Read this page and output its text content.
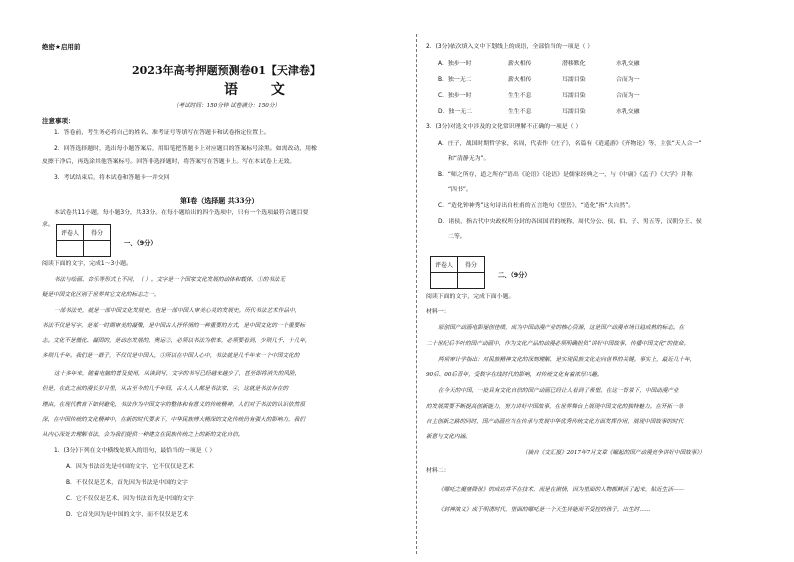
绝密★启用前
2023年高考押题预测卷01【天津卷】
语 文
（考试时间：150分钟 试卷满分：150分）
注意事项：
1．答卷前，考生务必将自己的姓名、准考证号等填写在答题卡和试卷指定位置上。
2．回答选择题时，选出每小题答案后，用铅笔把答题卡上对应题目的答案标号涂黑。如需改动，用橡
皮擦干净后，再选涂其他答案标号。回答非选择题时，将答案写在答题卡上。写在本试卷上无效。
3．考试结束后，将本试卷和答题卡一并交回
第Ⅰ卷（选择题 共33分）
本试卷共11小题，每小题3分，共33分。在每小题给出的四个选项中，只有一个选项最符合题目要
求。
评卷人	得分

一、（9分）
阅读下面的文字，完成1～3小题。
书法与绘画、音乐等形式上不同，（ ）。文字是一个国家文化发展的动体和载体，①的书法无
疑是中国文化区别于世界其它文化的标志之一。
一部书法史，就是一部中国文化发展史，也是一部中国人审美心灵的发展史。历代书法艺术作品中，
书法不仅是写字，是某一时期审美的凝聚，是中国古人抒怀情的一种重要的方式，是中国文化的一个重要标
志。文化不是僵化、凝固的，是动态发展的，奥运②，必须以书法为根本，必须要看到，少则几千、十几年，
多则几千年。我们是一群子，不仅仅是中国人，③所以在中国人心中，书法就是几千年来一个中国文化的
这十多年来，随着电脑的普及使用，从读到写，文字的书写已经越来越少了，甚至即将消失的风险，
但是，在此之前的漫长岁月里，从古至今的几千年间，古人人人都是书法家，④，这就是书法存在的
理由。在现代教育下如何避免，书法作为中国文字的整体和有意义的传统精神，人们对于书法的认识依然很
深，在中国传统的文化精神中，在新的时代要求下，中华民族博大精深的文化传统仍有强大的影响力，我们
从内心深处去理解书法，会为我们提供一种建立在民族传统之上的新的文化自信。
1．(3分)下列在文中横线处填入的语句，最恰当的一项是（ ）
A．因为书法首先是中国的文字，它不仅仅是艺术
B．不仅仅是艺术，首先因为书法是中国的文字
C．它不仅仅是艺术，因为书法首先是中国的文字
D．它首先因为是中国的文字，而不仅仅是艺术
2．(3分)依次填入文中下划线上的成语，全部恰当的一项是（ ）
A．独步一时	薪火相传	潜移默化	水乳交融
B．独一无二	薪火相传	耳濡目染	合而为一
C．独步一时	生生不息	耳濡目染	合而为一
D．独一无二	生生不息	耳濡目染	水乳交融
3．(3分)对选文中涉及的文化常识理解不正确的一项是（ ）
A．庄子，战国时期哲学家，名周，代表作《庄子》，名篇有《逍遥游》《齐物论》等，主张“天人合一”
和“清静无为”。
B．“师之所存，道之所存”语出《论语》《论语》是儒家经典之一，与《中庸》《孟子》《大学》并称
“四书”。
C．“造化钟神秀”这句诗出自杜甫的五言绝句《望岳》，“造化”指“大自然”。
D．诸侯，指古代中央政权所分封的各国国君的统称，周代分公、侯、伯、子、男五等，汉朝分王、侯
二等。
评卷人	得分

二、（9分）
阅读下面的文字，完成下面小题。
材料一：
原创国产动画电影屡创佳绩，成为中国动漫产业的核心资源，这是国产动漫市场日趋成熟的标志。在
二十世纪后半叶的国产动画中，作为文化产品的动漫必须明确担负“讲好中国故事、传播中国文化”的使命。
两项审计学指出：对民族精神文化的深刻理解，是实现民族文化走向世界的关键。事实上，最近几十年，
90后、00后青年，受数字在线时代的影响，对传统文化有着浓厚兴趣。
在今天的中国，一批具有文化自信的国产动画已经让人看到了希望。在这一背景下，中国动漫产业
的发展需要不断提高创新能力，努力讲好中国故事，在世界舞台上展现中国文化的独特魅力。在开拓一条
自主创新之路的同时，国产动画应当在传承与发展中华优秀传统文化方面发挥作用，展现中国故事的时代
新意与文化内涵。
（摘自《文汇报》2017年7月文章《崛起的国产动漫竞争讲好中国故事》）
材料二：
《哪吒之魔童降世》的成功并不在技术，而是在剧情，因为里面的人物都鲜活了起来，贴近生活——
《封神演义》成于明清时代，里面的哪吒是一个天生异能而不受控的孩子，出生时……
